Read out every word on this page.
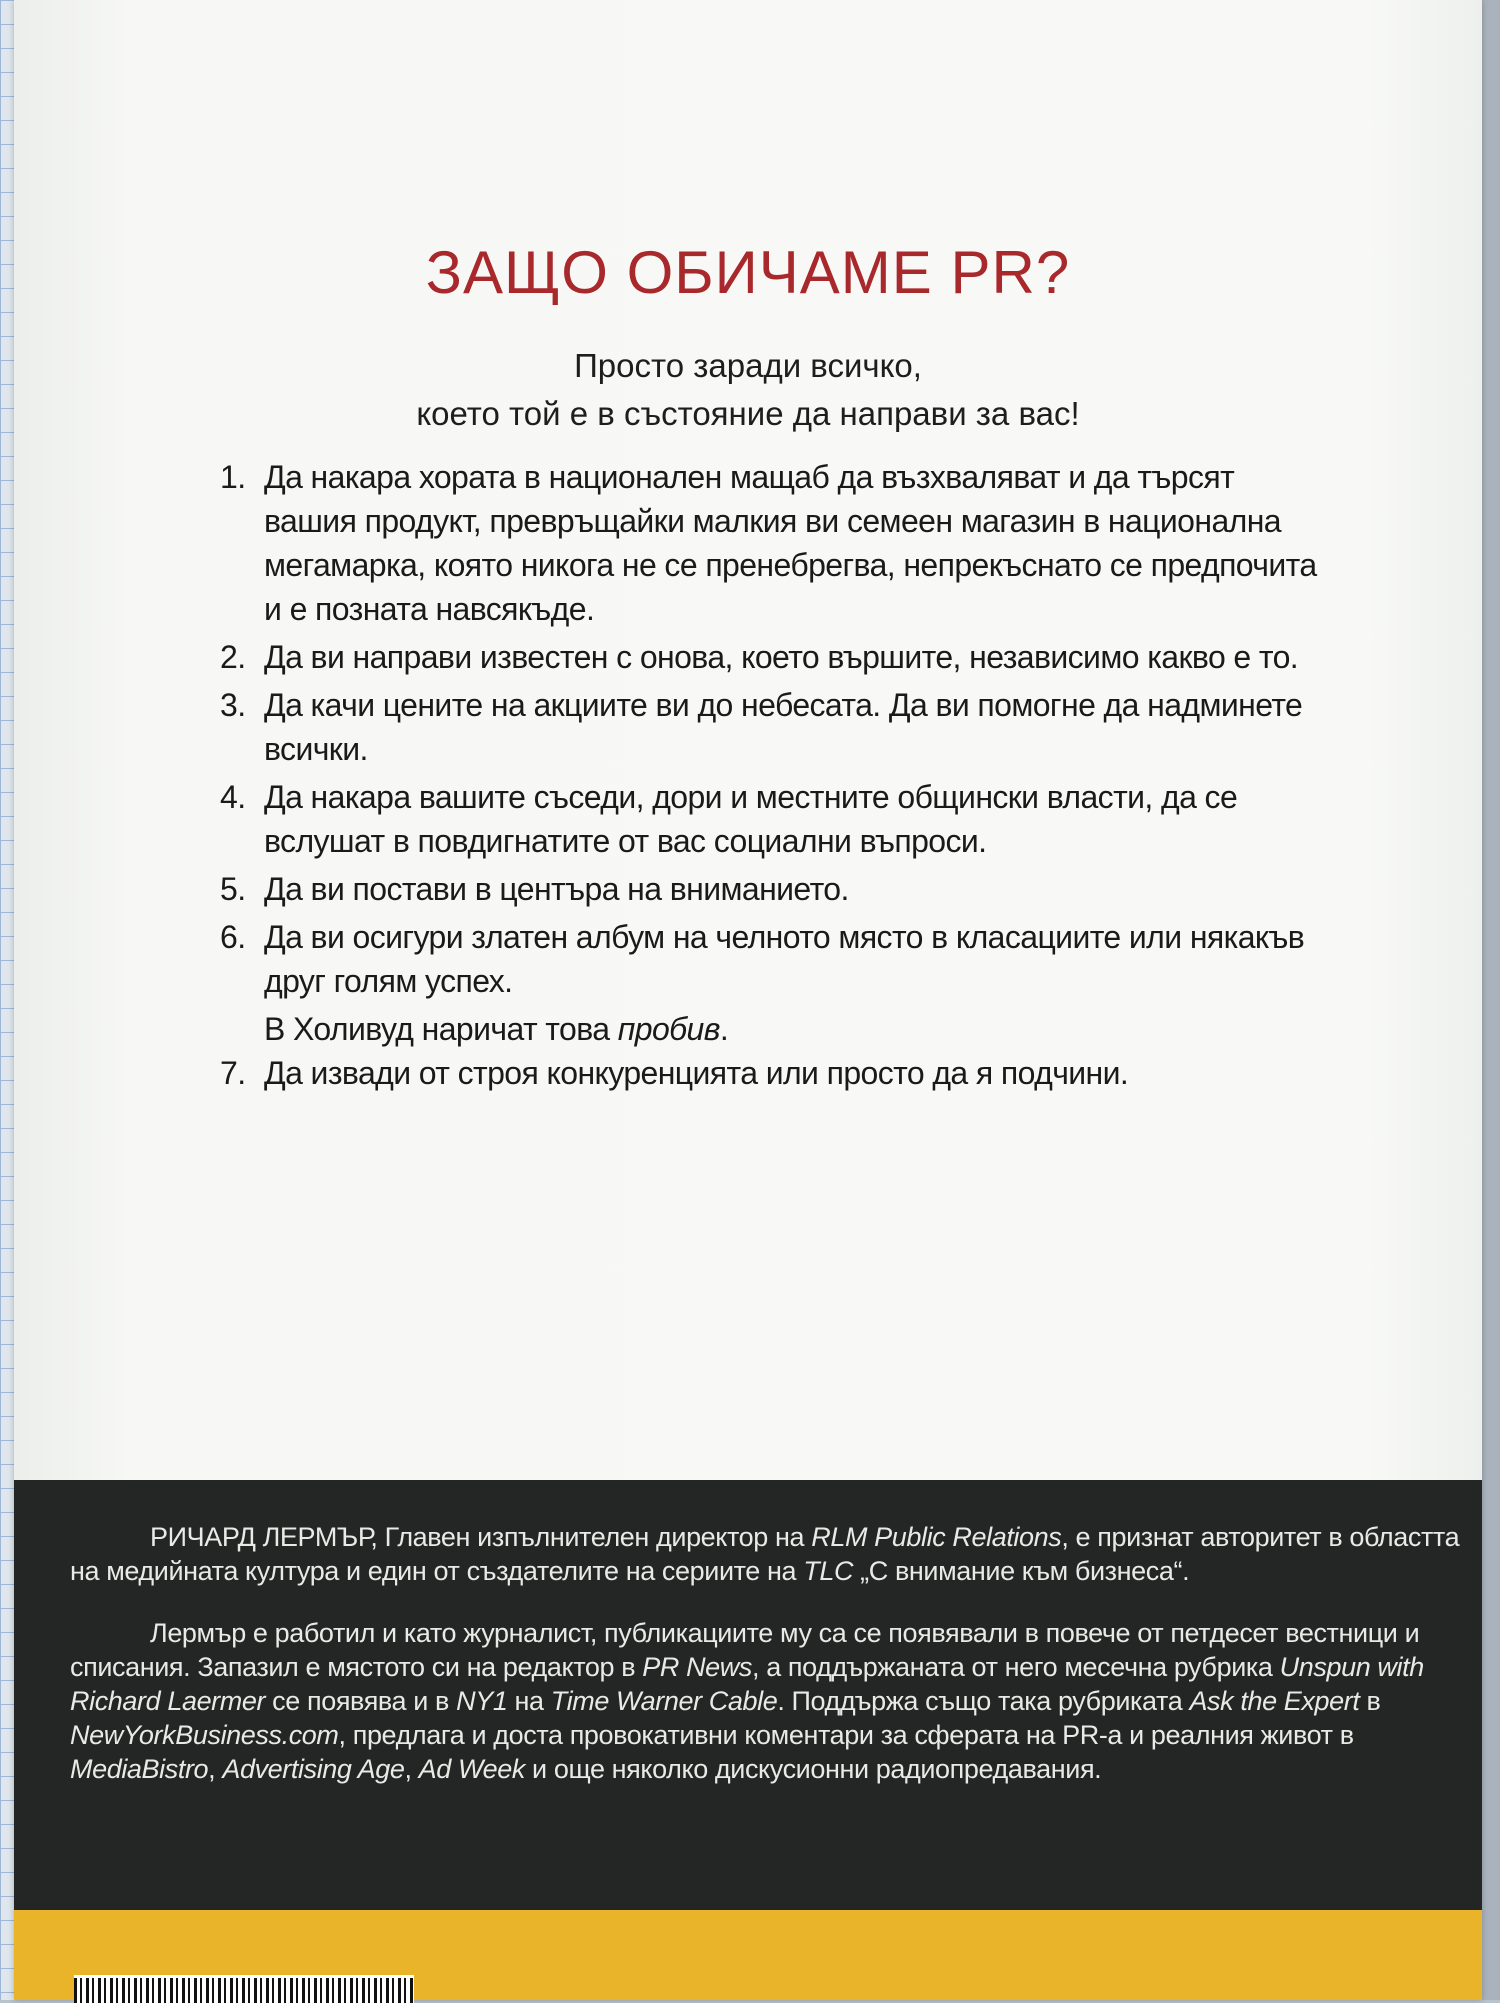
ЗАЩО ОБИЧАМЕ PR?
Просто заради всичко,
което той е в състояние да направи за вас!
1. Да накара хората в национален мащаб да възхваляват и да търсят вашия продукт, превръщайки малкия ви семеен магазин в национална мегамарка, която никога не се пренебрегва, непрекъснато се предпочита и е позната навсякъде.
2. Да ви направи известен с онова, което вършите, независимо какво е то.
3. Да качи цените на акциите ви до небесата. Да ви помогне да надминете всички.
4. Да накара вашите съседи, дори и местните общински власти, да се вслушат в повдигнатите от вас социални въпроси.
5. Да ви постави в центъра на вниманието.
6. Да ви осигури златен албум на челното място в класациите или някакъв друг голям успех.
В Холивуд наричат това пробив.
7. Да извади от строя конкуренцията или просто да я подчини.

РИЧАРД ЛЕРМЪР, Главен изпълнителен директор на RLM Public Relations, е признат авторитет в областта на медийната култура и един от създателите на сериите на TLC „С внимание към бизнеса“.

Лермър е работил и като журналист, публикациите му са се появявали в повече от петдесет вестници и списания. Запазил е мястото си на редактор в PR News, а поддържаната от него месечна рубрика Unspun with Richard Laermer се появява и в NY1 на Time Warner Cable. Поддържа също така рубриката Ask the Expert в NewYorkBusiness.com, предлага и доста провокативни коментари за сферата на PR-а и реалния живот в MediaBistro, Advertising Age, Ad Week и още няколко дискусионни радиопредавания.
